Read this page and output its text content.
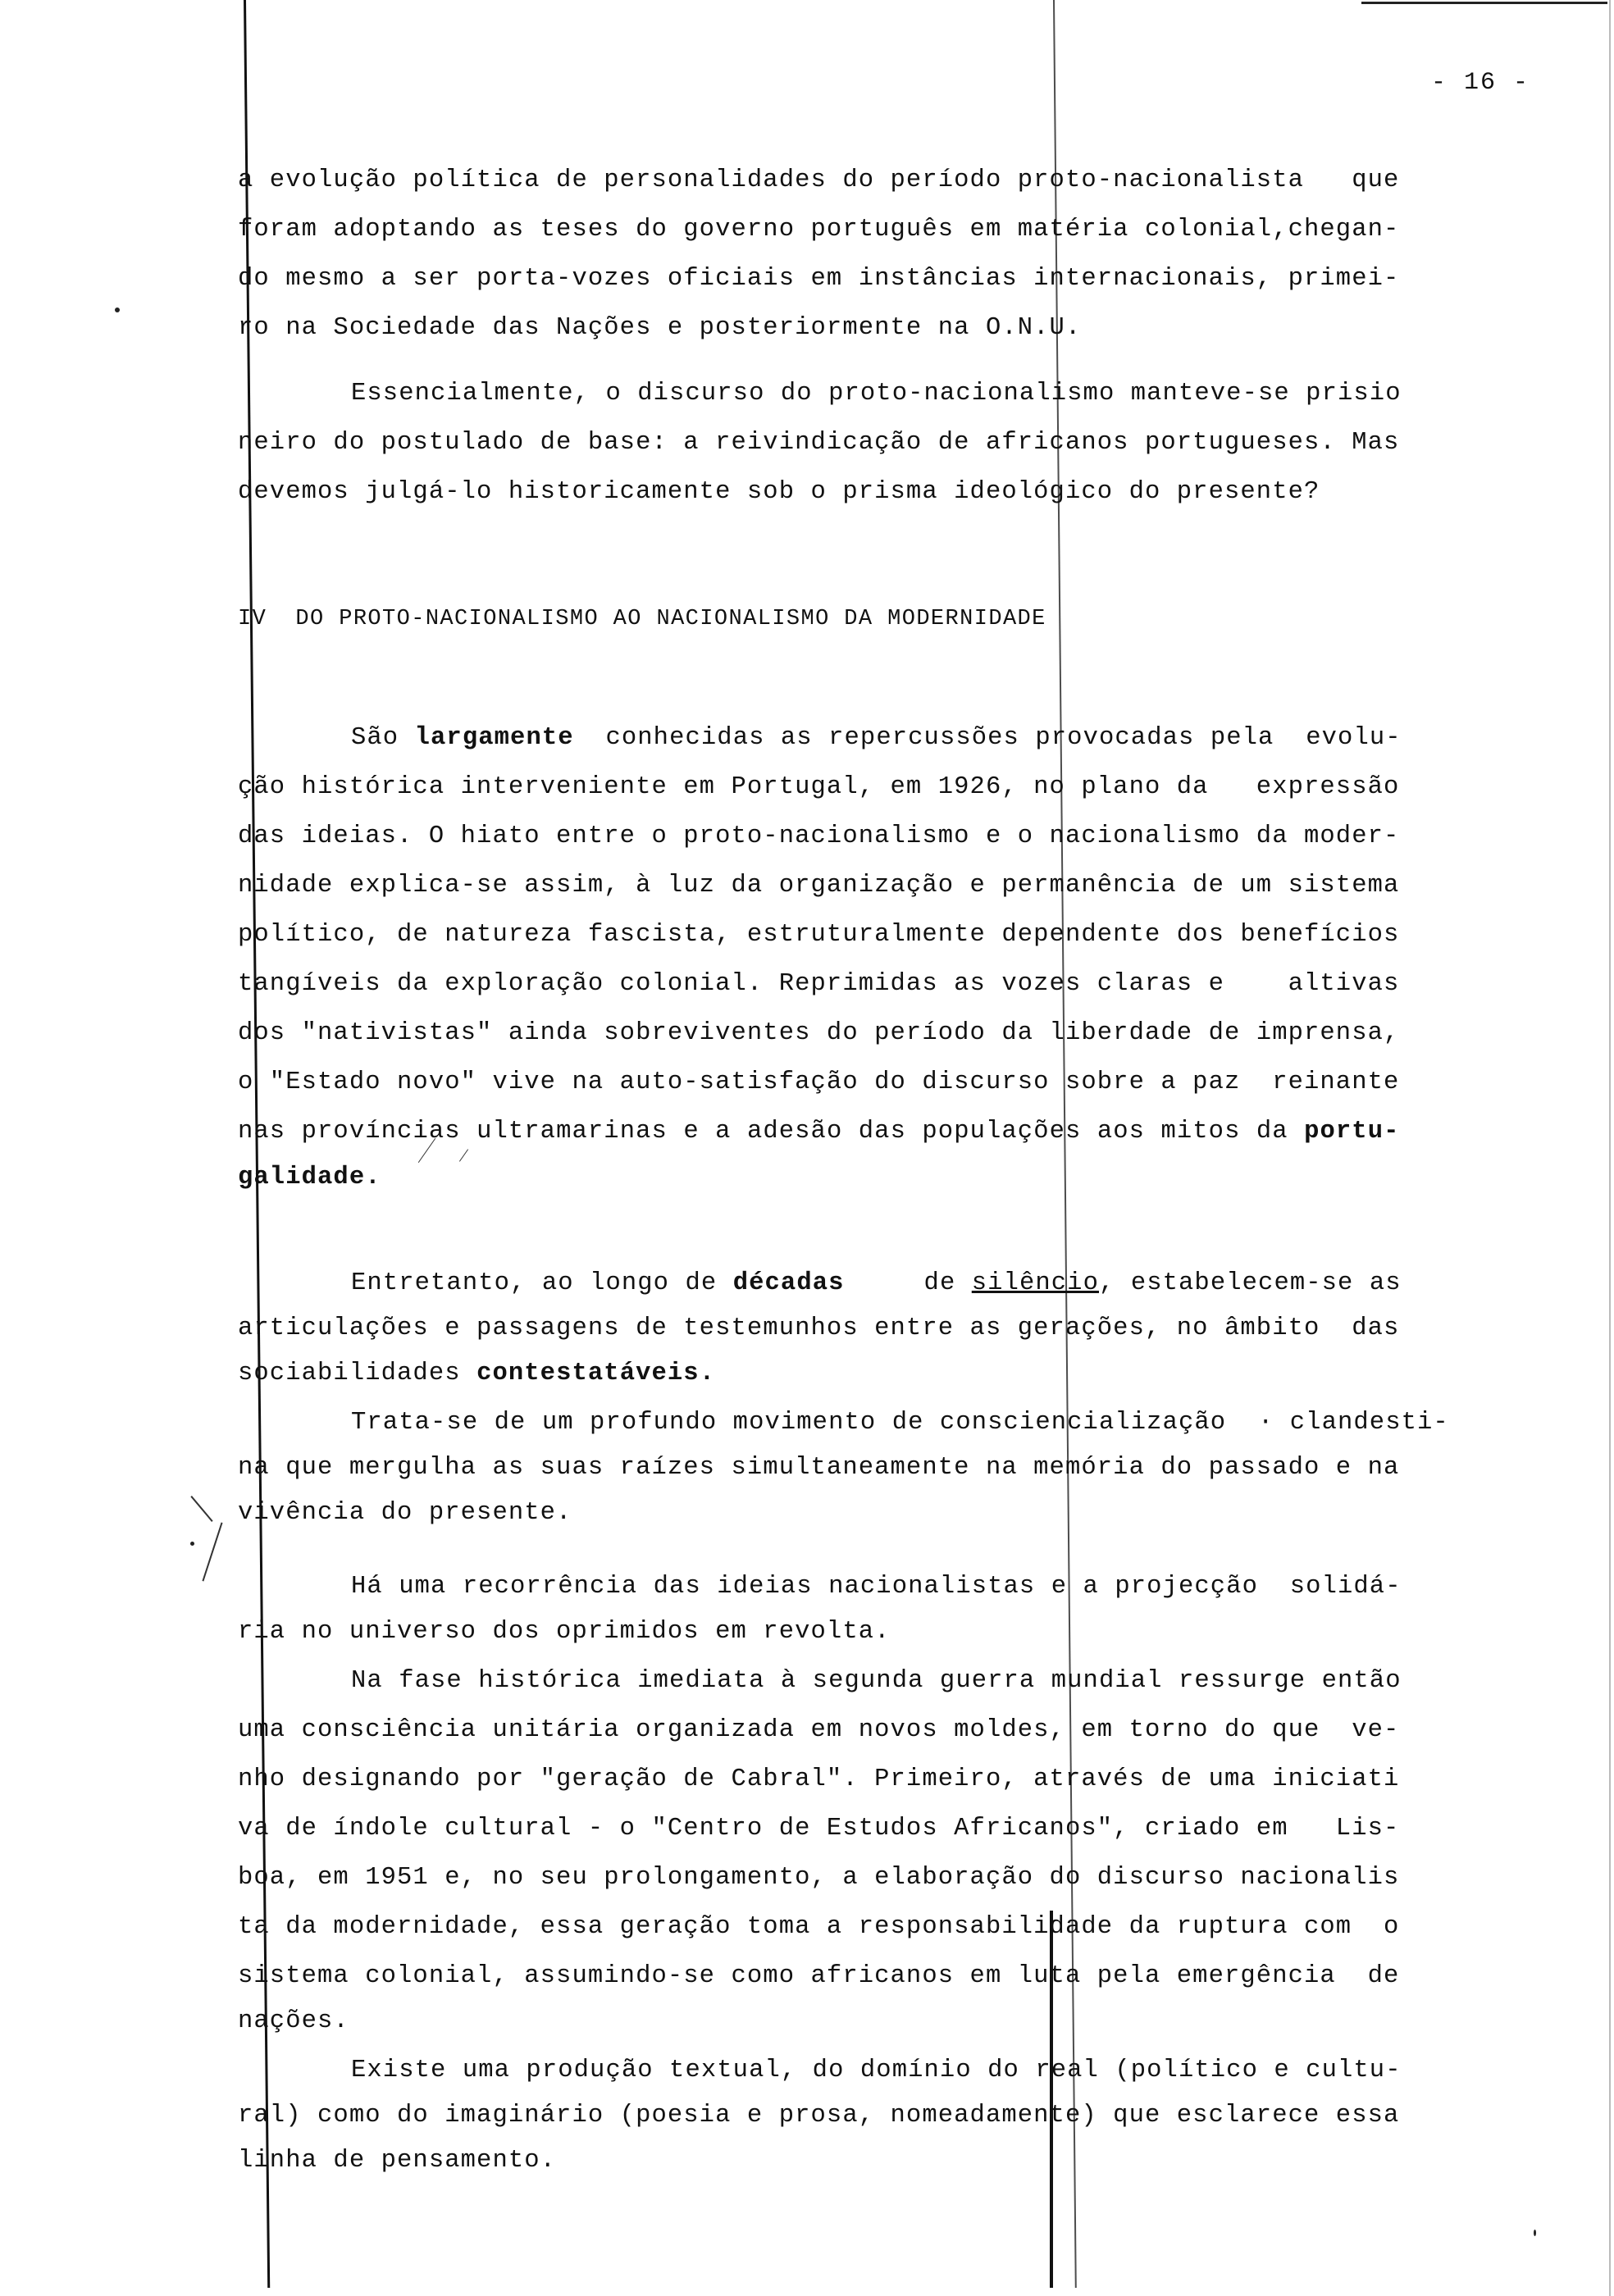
- 16 -
a evolução política de personalidades do período proto-nacionalista   que
foram adoptando as teses do governo português em matéria colonial,chegan-
do mesmo a ser porta-vozes oficiais em instâncias internacionais, primei-
ro na Sociedade das Nações e posteriormente na O.N.U.
Essencialmente, o discurso do proto-nacionalismo manteve-se prisio
neiro do postulado de base: a reivindicação de africanos portugueses. Mas
devemos julgá-lo historicamente sob o prisma ideológico do presente?
IV  DO PROTO-NACIONALISMO AO NACIONALISMO DA MODERNIDADE
São largamente conhecidas as repercussões provocadas pela evolu-
ção histórica interveniente em Portugal, em 1926, no plano da   expressão
das ideias. O hiato entre o proto-nacionalismo e o nacionalismo da moder-
nidade explica-se assim, à luz da organização e permanência de um sistema
político, de natureza fascista, estruturalmente dependente dos benefícios
tangíveis da exploração colonial. Reprimidas as vozes claras e    altivas
dos "nativistas" ainda sobreviventes do período da liberdade de imprensa,
o "Estado novo" vive na auto-satisfação do discurso sobre a paz  reinante
nas províncias ultramarinas e a adesão das populações aos mitos da portu-
galidade.
Entretanto, ao longo de décadas	de silêncio, estabelecem-se as
articulações e passagens de testemunhos entre as gerações, no âmbito  das
sociabilidades contestatáveis.
Trata-se de um profundo movimento de consciencialização  · clandesti-
na que mergulha as suas raízes simultaneamente na memória do passado e na
vivência do presente.
Há uma recorrência das ideias nacionalistas e a projecção  solidá-
ria no universo dos oprimidos em revolta.
Na fase histórica imediata à segunda guerra mundial ressurge então
uma consciência unitária organizada em novos moldes, em torno do que  ve-
nho designando por "geração de Cabral". Primeiro, através de uma iniciati
va de índole cultural - o "Centro de Estudos Africanos", criado em   Lis-
boa, em 1951 e, no seu prolongamento, a elaboração do discurso nacionalis
ta da modernidade, essa geração toma a responsabilidade da ruptura com  o
sistema colonial, assumindo-se como africanos em luta pela emergência  de
nações.
Existe uma produção textual, do domínio do real (político e cultu-
ral) como do imaginário (poesia e prosa, nomeadamente) que esclarece essa
linha de pensamento.
